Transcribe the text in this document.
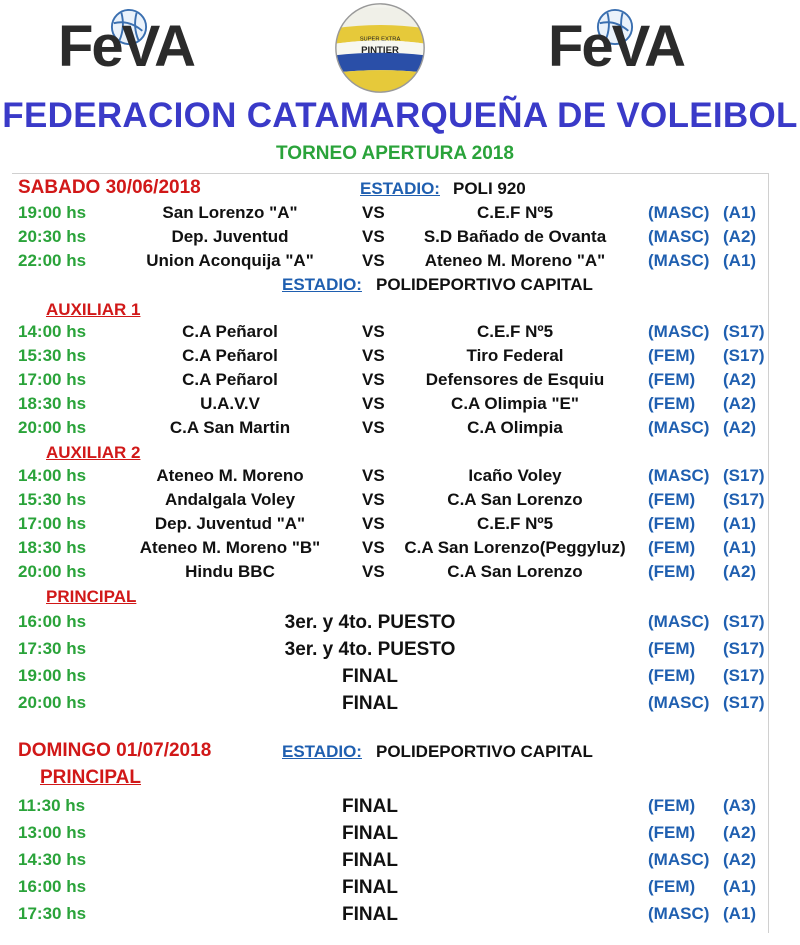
FeVA	SUPER EXTRA
PINTIER	FeVA
FEDERACION CATAMARQUEÑA DE VOLEIBOL
TORNEO APERTURA 2018
SABADO 30/06/2018	ESTADIO: POLI 920
19:00 hs	San Lorenzo "A"	VS	C.E.F Nº5	(MASC) (A1)
20:30 hs	Dep. Juventud	VS S.D Bañado de Ovanta (MASC) (A2)
22:00 hs	Union Aconquija "A"	VS Ateneo M. Moreno "A"	(MASC) (A1)
ESTADIO: POLIDEPORTIVO CAPITAL
AUXILIAR 1
14:00 hs	C.A Peñarol	VS	C.E.F Nº5	(MASC) (S17)
15:30 hs	C.A Peñarol	VS	Tiro Federal	(FEM) (S17)
17:00 hs	C.A Peñarol	VS Defensores de Esquiu	(FEM) (A2)
18:30 hs	U.A.V.V	VS	C.A Olimpia "E"	(FEM) (A2)
20:00 hs	C.A San Martin	VS	C.A Olimpia	(MASC) (A2)
AUXILIAR 2
14:00 hs	Ateneo M. Moreno	VS	Icaño Voley	(MASC) (S17)
15:30 hs	Andalgala Voley	VS	C.A San Lorenzo	(FEM) (S17)
17:00 hs	Dep. Juventud "A"	VS	C.E.F Nº5	(FEM) (A1)
18:30 hs	Ateneo M. Moreno "B" VS C.A San Lorenzo(Peggyluz) (FEM) (A1)
20:00 hs	Hindu BBC	VS	C.A San Lorenzo	(FEM) (A2)
PRINCIPAL
16:00 hs	3er. y 4to. PUESTO	(MASC) (S17)
17:30 hs	3er. y 4to. PUESTO	(FEM) (S17)
19:00 hs	FINAL	(FEM) (S17)
20:00 hs	FINAL	(MASC) (S17)
DOMINGO 01/07/2018	ESTADIO: POLIDEPORTIVO CAPITAL
PRINCIPAL
11:30 hs	FINAL	(FEM) (A3)
13:00 hs	FINAL	(FEM) (A2)
14:30 hs	FINAL	(MASC) (A2)
16:00 hs	FINAL	(FEM) (A1)
17:30 hs	FINAL	(MASC) (A1)
